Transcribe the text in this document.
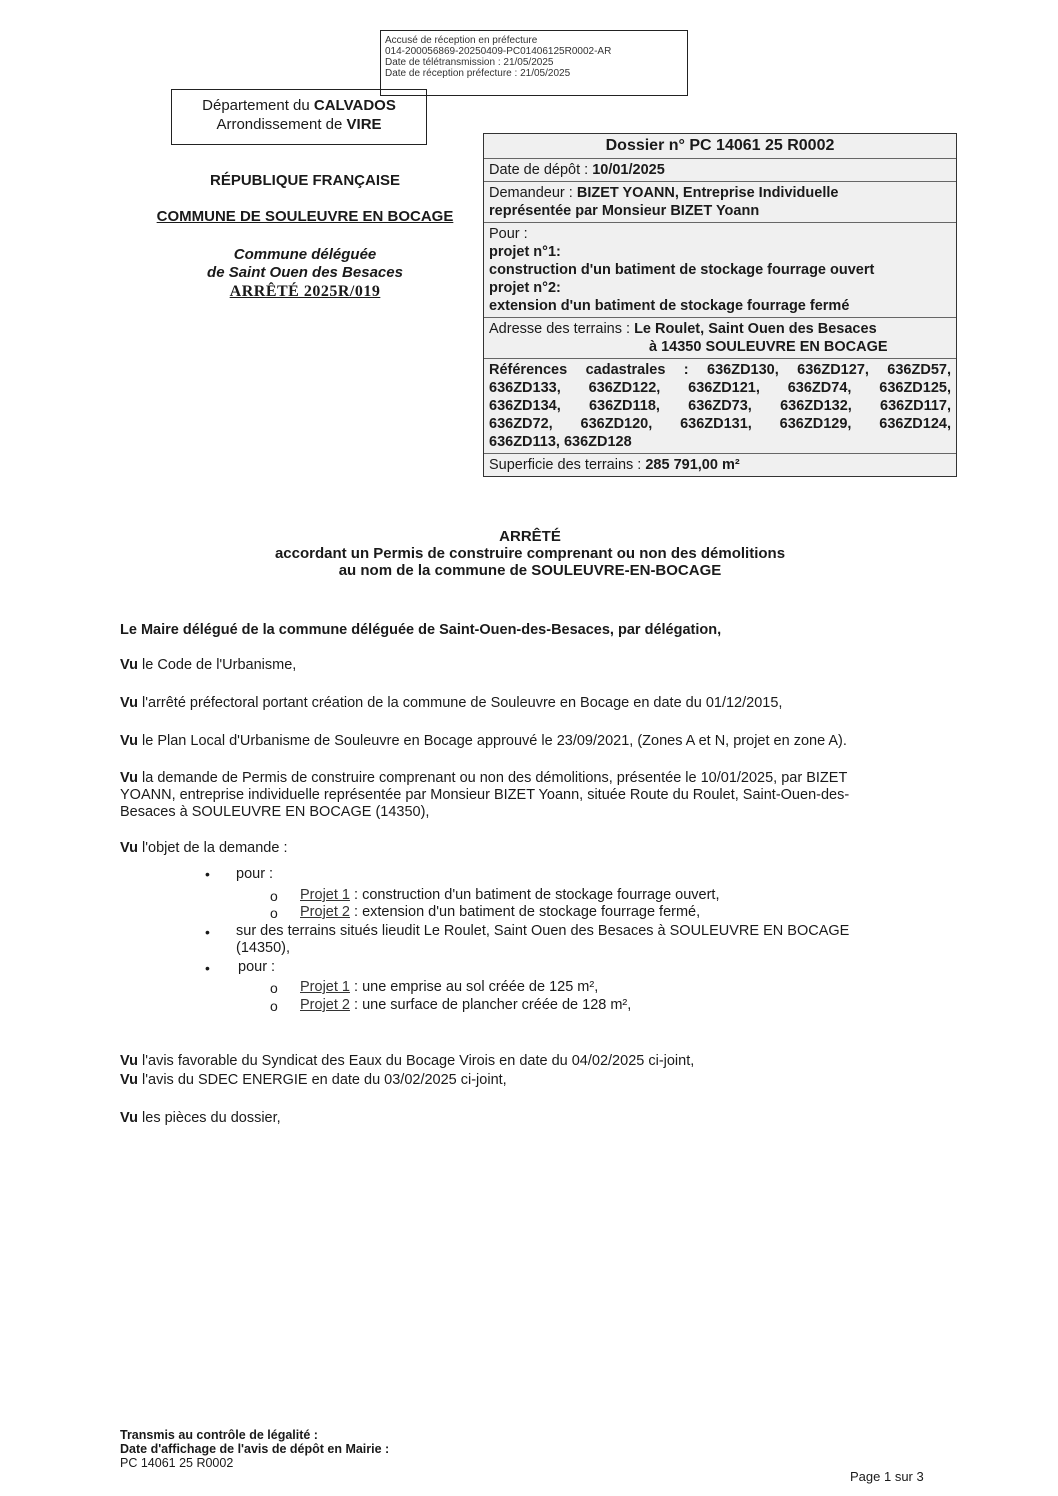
Accusé de réception en préfecture
014-200056869-20250409-PC01406125R0002-AR
Date de télétransmission : 21/05/2025
Date de réception préfecture : 21/05/2025
Département du CALVADOS
Arrondissement de VIRE
RÉPUBLIQUE FRANÇAISE
COMMUNE DE SOULEUVRE EN BOCAGE
Commune déléguée
de Saint Ouen des Besaces
ARRÊTÉ 2025R/019
Dossier n° PC 14061 25 R0002
Date de dépôt : 10/01/2025
Demandeur : BIZET YOANN, Entreprise Individuelle
représentée par Monsieur BIZET Yoann
Pour :
projet n°1:
construction d'un batiment de stockage fourrage ouvert
projet n°2:
extension d'un batiment de stockage fourrage fermé
Adresse des terrains : Le Roulet, Saint Ouen des Besaces
à 14350 SOULEUVRE EN BOCAGE
Références cadastrales : 636ZD130, 636ZD127, 636ZD57,
636ZD133, 636ZD122, 636ZD121, 636ZD74, 636ZD125,
636ZD134, 636ZD118, 636ZD73, 636ZD132, 636ZD117,
636ZD72, 636ZD120, 636ZD131, 636ZD129, 636ZD124,
636ZD113, 636ZD128
Superficie des terrains : 285 791,00 m²
ARRÊTÉ
accordant un Permis de construire comprenant ou non des démolitions
au nom de la commune de SOULEUVRE-EN-BOCAGE
Le Maire délégué de la commune déléguée de Saint-Ouen-des-Besaces, par délégation,
Vu le Code de l'Urbanisme,
Vu l'arrêté préfectoral portant création de la commune de Souleuvre en Bocage en date du 01/12/2015,
Vu le Plan Local d'Urbanisme de Souleuvre en Bocage approuvé le 23/09/2021, (Zones A et N, projet en zone A).
Vu la demande de Permis de construire comprenant ou non des démolitions, présentée le 10/01/2025, par BIZET
YOANN, entreprise individuelle représentée par Monsieur BIZET Yoann, située Route du Roulet, Saint-Ouen-des-
Besaces à SOULEUVRE EN BOCAGE (14350),
Vu l'objet de la demande :
• pour :
o Projet 1 : construction d'un batiment de stockage fourrage ouvert,
o Projet 2 : extension d'un batiment de stockage fourrage fermé,
• sur des terrains situés lieudit Le Roulet, Saint Ouen des Besaces à SOULEUVRE EN BOCAGE
(14350),
• pour :
o Projet 1 : une emprise au sol créée de 125 m²,
o Projet 2 : une surface de plancher créée de 128 m²,
Vu l'avis favorable du Syndicat des Eaux du Bocage Virois en date du 04/02/2025 ci-joint,
Vu l'avis du SDEC ENERGIE en date du 03/02/2025 ci-joint,
Vu les pièces du dossier,
Transmis au contrôle de légalité :
Date d'affichage de l'avis de dépôt en Mairie :
PC 14061 25 R0002
Page 1 sur 3
